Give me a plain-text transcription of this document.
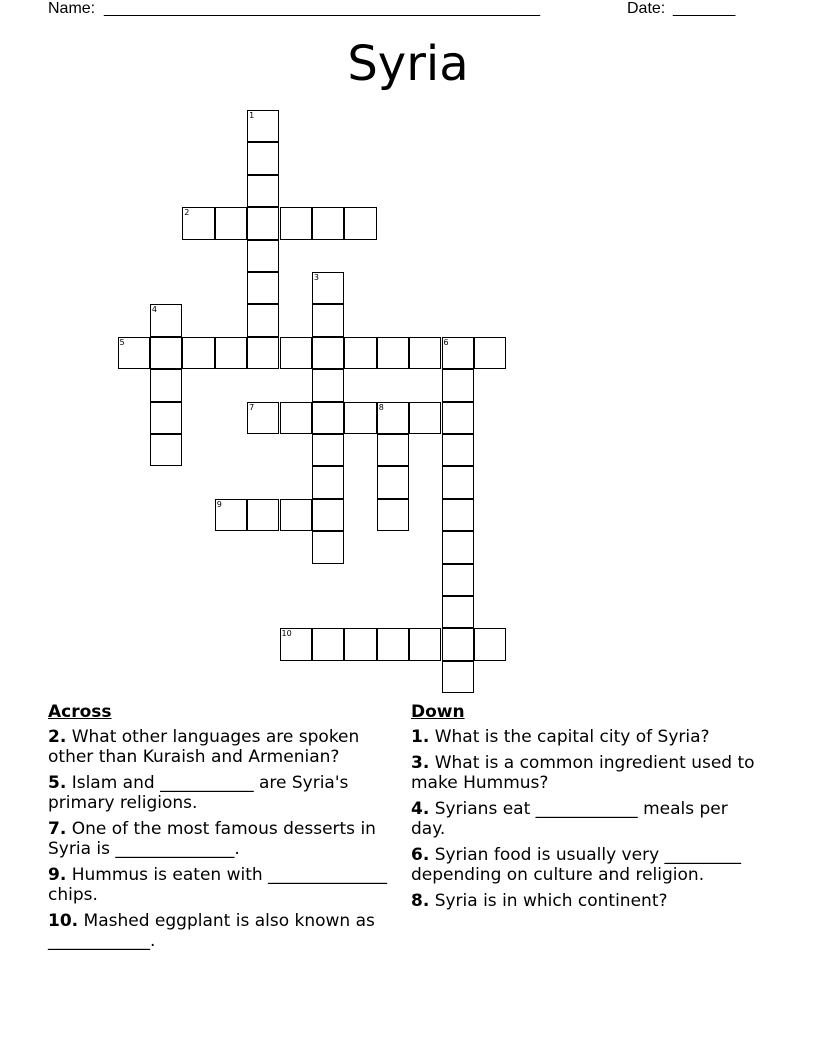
Name: _________________________________________________	Date: _______
Syria
1
2
3
4
5	6
7	8
9
10
Across
2. What other languages are spoken other than Kuraish and Armenian?
5. Islam and ___________ are Syria's primary religions.
7. One of the most famous desserts in Syria is ______________.
9. Hummus is eaten with ______________ chips.
10. Mashed eggplant is also known as ____________.
Down
1. What is the capital city of Syria?
3. What is a common ingredient used to make Hummus?
4. Syrians eat ____________ meals per day.
6. Syrian food is usually very _________ depending on culture and religion.
8. Syria is in which continent?
